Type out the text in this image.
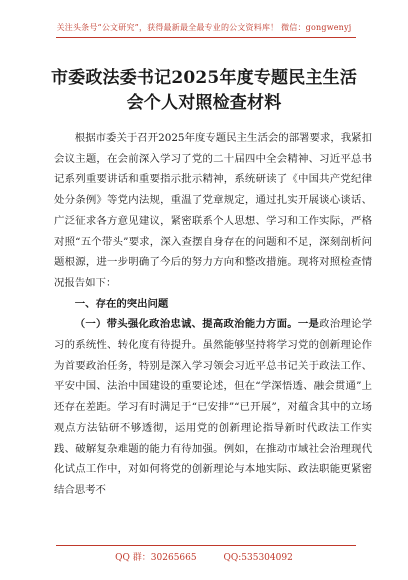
关注头条号“公文研究”，获得最新最全最专业的公文资料库！ 微信：gongwenyj
市委政法委书记2025年度专题民主生活
会个人对照检查材料

根据市委关于召开2025年度专题民主生活会的部署要求，我紧扣会议主题，在会前深入学习了党的二十届四中全会精神、习近平总书记系列重要讲话和重要指示批示精神，系统研读了《中国共产党纪律处分条例》等党内法规，重温了党章规定，通过扎实开展谈心谈话、广泛征求各方意见建议，紧密联系个人思想、学习和工作实际，严格对照“五个带头”要求，深入查摆自身存在的问题和不足，深刻剖析问题根源，进一步明确了今后的努力方向和整改措施。现将对照检查情况报告如下：

一、存在的突出问题

（一）带头强化政治忠诚、提高政治能力方面。一是政治理论学习的系统性、转化度有待提升。虽然能够坚持将学习党的创新理论作为首要政治任务，特别是深入学习领会习近平总书记关于政法工作、平安中国、法治中国建设的重要论述，但在“学深悟透、融会贯通”上还存在差距。学习有时满足于“已安排”“已开展”，对蕴含其中的立场观点方法钻研不够透彻，运用党的创新理论指导新时代政法工作实践、破解复杂难题的能力有待加强。例如，在推动市域社会治理现代化试点工作中，对如何将党的创新理论与本地实际、政法职能更紧密结合思考不

QQ 群：30265665	QQ:535304092
